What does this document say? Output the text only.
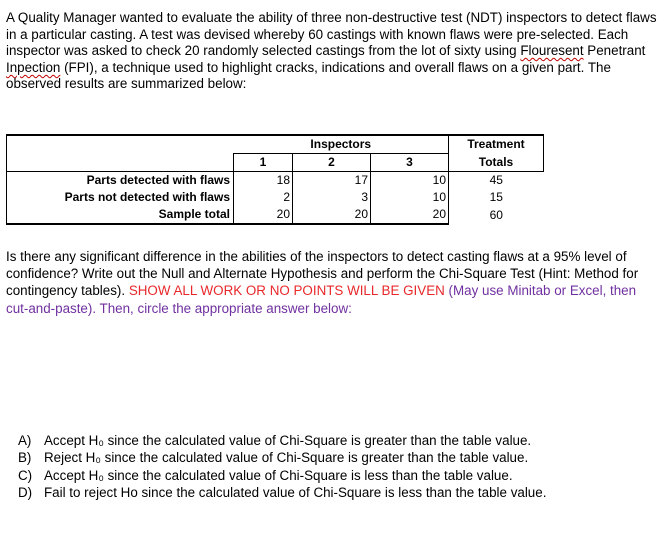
A Quality Manager wanted to evaluate the ability of three non-destructive test (NDT) inspectors to detect flaws in a particular casting. A test was devised whereby 60 castings with known flaws were pre-selected. Each inspector was asked to check 20 randomly selected castings from the lot of sixty using Flouresent Penetrant Inpection (FPI), a technique used to highlight cracks, indications and overall flaws on a given part. The observed results are summarized below:

	Inspectors			Treatment
	1	2	3	Totals
Parts detected with flaws	18	17	10	45
Parts not detected with flaws	2	3	10	15
Sample total	20	20	20	60

Is there any significant difference in the abilities of the inspectors to detect casting flaws at a 95% level of confidence? Write out the Null and Alternate Hypothesis and perform the Chi-Square Test (Hint: Method for contingency tables). SHOW ALL WORK OR NO POINTS WILL BE GIVEN (May use Minitab or Excel, then cut-and-paste). Then, circle the appropriate answer below:

A) Accept H₀ since the calculated value of Chi-Square is greater than the table value.
B) Reject H₀ since the calculated value of Chi-Square is greater than the table value.
C) Accept H₀ since the calculated value of Chi-Square is less than the table value.
D) Fail to reject Ho since the calculated value of Chi-Square is less than the table value.
